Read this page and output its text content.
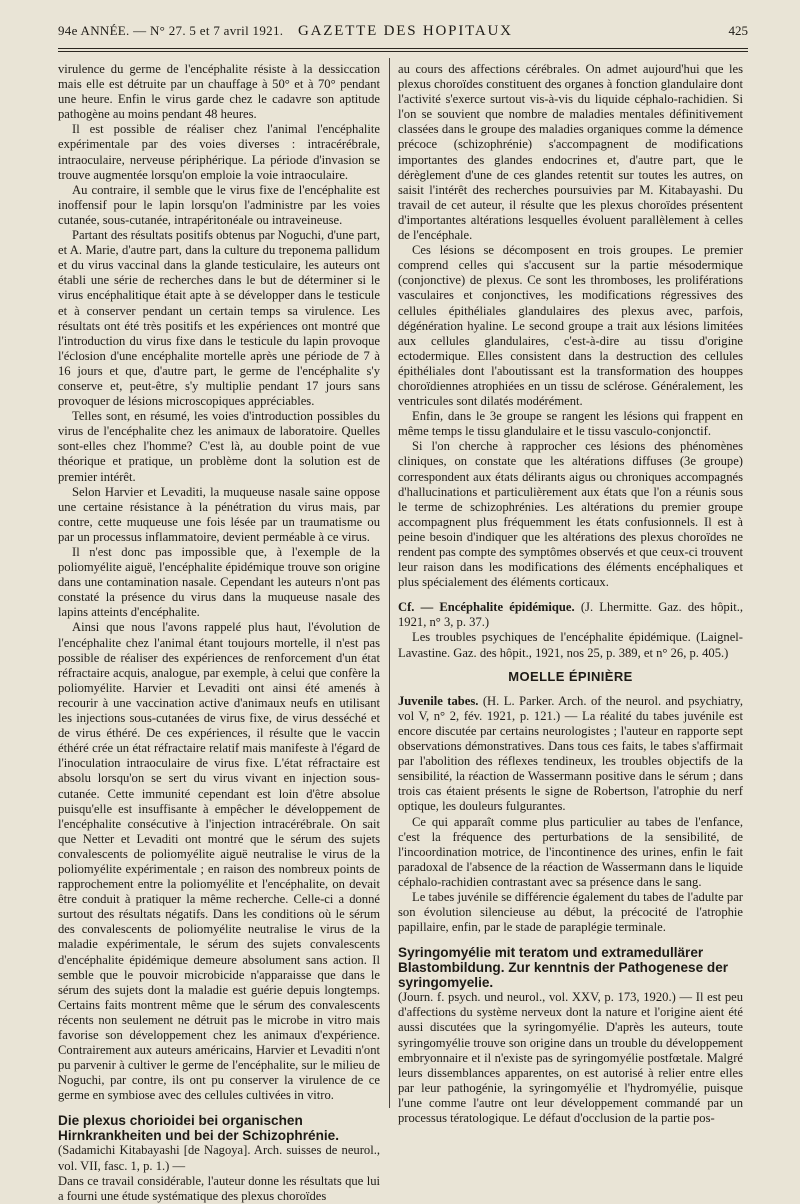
94e ANNÉE. — N° 27. 5 et 7 avril 1921. GAZETTE DES HOPITAUX	425

virulence du germe de l'encéphalite résiste à la dessiccation mais elle est détruite par un chauffage à 50° et à 70° pendant une heure. Enfin le virus garde chez le cadavre son aptitude pathogène au moins pendant 48 heures.

Il est possible de réaliser chez l'animal l'encéphalite expérimentale par des voies diverses : intracérébrale, intraoculaire, nerveuse périphérique. La période d'invasion se trouve augmentée lorsqu'on emploie la voie intraoculaire.

Au contraire, il semble que le virus fixe de l'encéphalite est inoffensif pour le lapin lorsqu'on l'administre par les voies cutanée, sous-cutanée, intrapéritonéale ou intraveineuse.

Partant des résultats positifs obtenus par Noguchi, d'une part, et A. Marie, d'autre part, dans la culture du treponema pallidum et du virus vaccinal dans la glande testiculaire, les auteurs ont établi une série de recherches dans le but de déterminer si le virus encéphalitique était apte à se développer dans le testicule et à conserver pendant un certain temps sa virulence. Les résultats ont été très positifs et les expériences ont montré que l'introduction du virus fixe dans le testicule du lapin provoque l'éclosion d'une encéphalite mortelle après une période de 7 à 16 jours et que, d'autre part, le germe de l'encéphalite s'y conserve et, peut-être, s'y multiplie pendant 17 jours sans provoquer de lésions microscopiques appréciables.

Telles sont, en résumé, les voies d'introduction possibles du virus de l'encéphalite chez les animaux de laboratoire. Quelles sont-elles chez l'homme? C'est là, au double point de vue théorique et pratique, un problème dont la solution est de premier intérêt.

Selon Harvier et Levaditi, la muqueuse nasale saine oppose une certaine résistance à la pénétration du virus mais, par contre, cette muqueuse une fois lésée par un traumatisme ou par un processus inflammatoire, devient perméable à ce virus.

Il n'est donc pas impossible que, à l'exemple de la poliomyélite aiguë, l'encéphalite épidémique trouve son origine dans une contamination nasale. Cependant les auteurs n'ont pas constaté la présence du virus dans la muqueuse nasale des lapins atteints d'encéphalite.

Ainsi que nous l'avons rappelé plus haut, l'évolution de l'encéphalite chez l'animal étant toujours mortelle, il n'est pas possible de réaliser des expériences de renforcement d'un état réfractaire acquis, analogue, par exemple, à celui que confère la poliomyélite. Harvier et Levaditi ont ainsi été amenés à recourir à une vaccination active d'animaux neufs en utilisant les injections sous-cutanées de virus fixe, de virus desséché et de virus éthéré. De ces expériences, il résulte que le vaccin éthéré crée un état réfractaire relatif mais manifeste à l'égard de l'inoculation intraoculaire de virus fixe. L'état réfractaire est absolu lorsqu'on se sert du virus vivant en injection sous-cutanée. Cette immunité cependant est loin d'être absolue puisqu'elle est insuffisante à empêcher le développement de l'encéphalite consécutive à l'injection intracérébrale. On sait que Netter et Levaditi ont montré que le sérum des sujets convalescents de poliomyélite aiguë neutralise le virus de la poliomyélite expérimentale ; en raison des nombreux points de rapprochement entre la poliomyélite et l'encéphalite, on devait être conduit à pratiquer la même recherche. Celle-ci a donné surtout des résultats négatifs. Dans les conditions où le sérum des convalescents de poliomyélite neutralise le virus de la maladie expérimentale, le sérum des sujets convalescents d'encéphalite épidémique demeure absolument sans action. Il semble que le pouvoir microbicide n'apparaisse que dans le sérum des sujets dont la maladie est guérie depuis longtemps. Certains faits montrent même que le sérum des convalescents récents non seulement ne détruit pas le microbe in vitro mais favorise son développement chez les animaux d'expérience. Contrairement aux auteurs américains, Harvier et Levaditi n'ont pu parvenir à cultiver le germe de l'encéphalite, sur le milieu de Noguchi, par contre, ils ont pu conserver la virulence de ce germe en symbiose avec des cellules cultivées in vitro.

Die plexus chorioidei bei organischen Hirnkrankheiten und bei der Schizophrénie.
(Sadamichi Kitabayashi [de Nagoya]. Arch. suisses de neurol., vol. VII, fasc. 1, p. 1.) —

Dans ce travail considérable, l'auteur donne les résultats que lui a fourni une étude systématique des plexus choroïdes

au cours des affections cérébrales. On admet aujourd'hui que les plexus choroïdes constituent des organes à fonction glandulaire dont l'activité s'exerce surtout vis-à-vis du liquide céphalo-rachidien. Si l'on se souvient que nombre de maladies mentales définitivement classées dans le groupe des maladies organiques comme la démence précoce (schizophrénie) s'accompagnent de modifications importantes des glandes endocrines et, d'autre part, que le dérèglement d'une de ces glandes retentit sur toutes les autres, on saisit l'intérêt des recherches poursuivies par M. Kitabayashi. Du travail de cet auteur, il résulte que les plexus choroïdes présentent d'importantes altérations lesquelles évoluent parallèlement à celles de l'encéphale.

Ces lésions se décomposent en trois groupes. Le premier comprend celles qui s'accusent sur la partie mésodermique (conjonctive) de plexus. Ce sont les thromboses, les proliférations vasculaires et conjonctives, les modifications régressives des cellules épithéliales glandulaires des plexus avec, parfois, dégénération hyaline. Le second groupe a trait aux lésions limitées aux cellules glandulaires, c'est-à-dire au tissu d'origine ectodermique. Elles consistent dans la destruction des cellules épithéliales dont l'aboutissant est la transformation des houppes choroïdiennes atrophiées en un tissu de sclérose. Généralement, les ventricules sont dilatés modérément.

Enfin, dans le 3e groupe se rangent les lésions qui frappent en même temps le tissu glandulaire et le tissu vasculo-conjonctif.

Si l'on cherche à rapprocher ces lésions des phénomènes cliniques, on constate que les altérations diffuses (3e groupe) correspondent aux états délirants aigus ou chroniques accompagnés d'hallucinations et particulièrement aux états que l'on a réunis sous le terme de schizophrénies. Les altérations du premier groupe accompagnent plus fréquemment les états confusionnels. Il est à peine besoin d'indiquer que les altérations des plexus choroïdes ne rendent pas compte des symptômes observés et que ceux-ci trouvent leur raison dans les modifications des éléments encéphaliques et plus spécialement des éléments corticaux.

Cf. — Encéphalite épidémique. (J. Lhermitte. Gaz. des hôpit., 1921, n° 3, p. 37.)

Les troubles psychiques de l'encéphalite épidémique. (Laignel-Lavastine. Gaz. des hôpit., 1921, nos 25, p. 389, et n° 26, p. 405.)

MOELLE ÉPINIÈRE

Juvenile tabes. (H. L. Parker. Arch. of the neurol. and psychiatry, vol V, n° 2, fév. 1921, p. 121.) — La réalité du tabes juvénile est encore discutée par certains neurologistes ; l'auteur en rapporte sept observations démonstratives. Dans tous ces faits, le tabes s'affirmait par l'abolition des réflexes tendineux, les troubles objectifs de la sensibilité, la réaction de Wassermann positive dans le sérum ; dans trois cas étaient présents le signe de Robertson, l'atrophie du nerf optique, les douleurs fulgurantes.

Ce qui apparaît comme plus particulier au tabes de l'enfance, c'est la fréquence des perturbations de la sensibilité, de l'incoordination motrice, de l'incontinence des urines, enfin le fait paradoxal de l'absence de la réaction de Wassermann dans le liquide céphalo-rachidien contrastant avec sa présence dans le sang.

Le tabes juvénile se différencie également du tabes de l'adulte par son évolution silencieuse au début, la précocité de l'atrophie papillaire, enfin, par le stade de paraplégie terminale.

Syringomyélie mit teratom und extramedullärer Blastombildung. Zur kenntnis der Pathogenese der syringomyelie.

(Journ. f. psych. und neurol., vol. XXV, p. 173, 1920.) — Il est peu d'affections du système nerveux dont la nature et l'origine aient été aussi discutées que la syringomyélie. D'après les auteurs, toute syringomyélie trouve son origine dans un trouble du développement embryonnaire et il n'existe pas de syringomyélie postfœtale. Malgré leurs dissemblances apparentes, on est autorisé à relier entre elles par leur pathogénie, la syringomyélie et l'hydromyélie, puisque l'une comme l'autre ont leur développement commandé par un processus tératologique. Le défaut d'occlusion de la partie pos-
